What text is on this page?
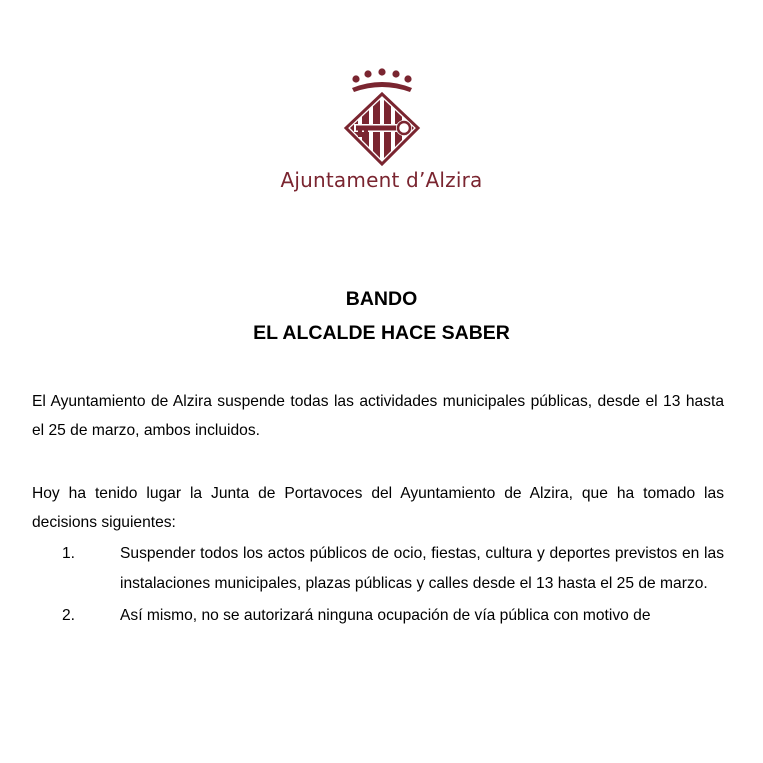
Ajuntament d’Alzira
BANDO
EL ALCALDE HACE SABER
El Ayuntamiento de Alzira suspende todas las actividades municipales públicas, desde el 13 hasta el 25 de marzo, ambos incluidos.
Hoy ha tenido lugar la Junta de Portavoces del Ayuntamiento de Alzira, que ha tomado las decisions siguientes:
1.	Suspender todos los actos públicos de ocio, fiestas, cultura y deportes previstos en las instalaciones municipales, plazas públicas y calles desde el 13 hasta el 25 de marzo.
2.	Así mismo, no se autorizará ninguna ocupación de vía pública con motivo de
